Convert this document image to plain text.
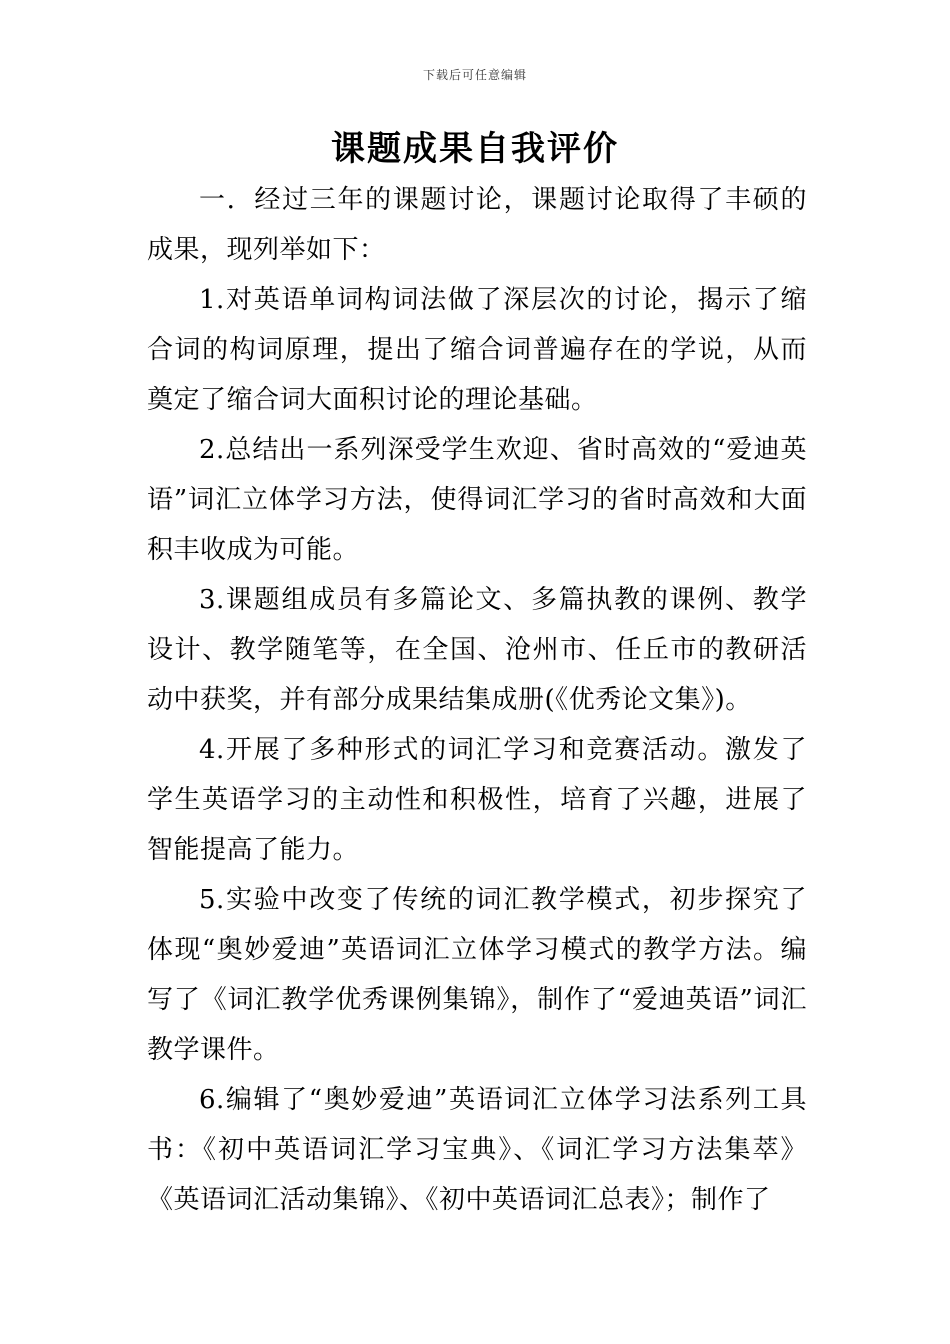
下载后可任意编辑
课题成果自我评价

一．经过三年的课题讨论，课题讨论取得了丰硕的成果，现列举如下：

1.对英语单词构词法做了深层次的讨论，揭示了缩合词的构词原理，提出了缩合词普遍存在的学说，从而奠定了缩合词大面积讨论的理论基础。

2.总结出一系列深受学生欢迎、省时高效的“爱迪英语”词汇立体学习方法，使得词汇学习的省时高效和大面积丰收成为可能。

3.课题组成员有多篇论文、多篇执教的课例、教学设计、教学随笔等，在全国、沧州市、任丘市的教研活动中获奖，并有部分成果结集成册(《优秀论文集》)。

4.开展了多种形式的词汇学习和竞赛活动。激发了学生英语学习的主动性和积极性，培育了兴趣，进展了智能提高了能力。

5.实验中改变了传统的词汇教学模式，初步探究了体现“奥妙爱迪”英语词汇立体学习模式的教学方法。编写了《词汇教学优秀课例集锦》，制作了“爱迪英语”词汇教学课件。

6.编辑了“奥妙爱迪”英语词汇立体学习法系列工具书：《初中英语词汇学习宝典》、《词汇学习方法集萃》《英语词汇活动集锦》、《初中英语词汇总表》；制作了
